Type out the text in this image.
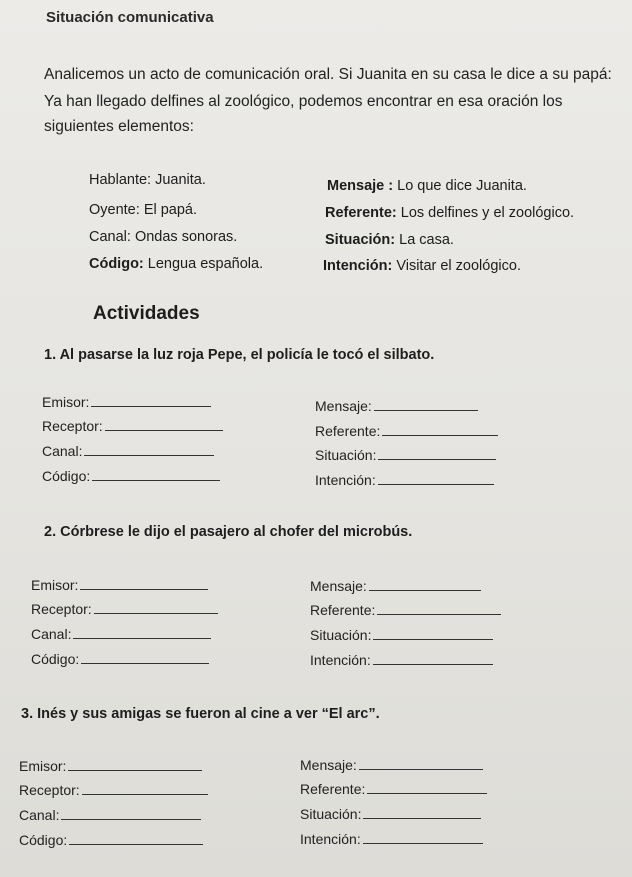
Situación comunicativa
Analicemos un acto de comunicación oral. Si Juanita en su casa le dice a su papá:
Ya han llegado delfines al zoológico, podemos encontrar en esa oración los
siguientes elementos:
Hablante: Juanita.
Oyente: El papá.
Canal: Ondas sonoras.
Código: Lengua española.
Mensaje : Lo que dice Juanita.
Referente: Los delfines y el zoológico.
Situación: La casa.
Intención: Visitar el zoológico.
Actividades
1. Al pasarse la luz roja Pepe, el policía le tocó el silbato.
Emisor:
Receptor:
Canal:
Código:
Mensaje:
Referente:
Situación:
Intención:
2. Córbrese le dijo el pasajero al chofer del microbús.
Emisor:
Receptor:
Canal:
Código:
Mensaje:
Referente:
Situación:
Intención:
3. Inés y sus amigas se fueron al cine a ver “El arc”.
Emisor:
Receptor:
Canal:
Código:
Mensaje:
Referente:
Situación:
Intención:
